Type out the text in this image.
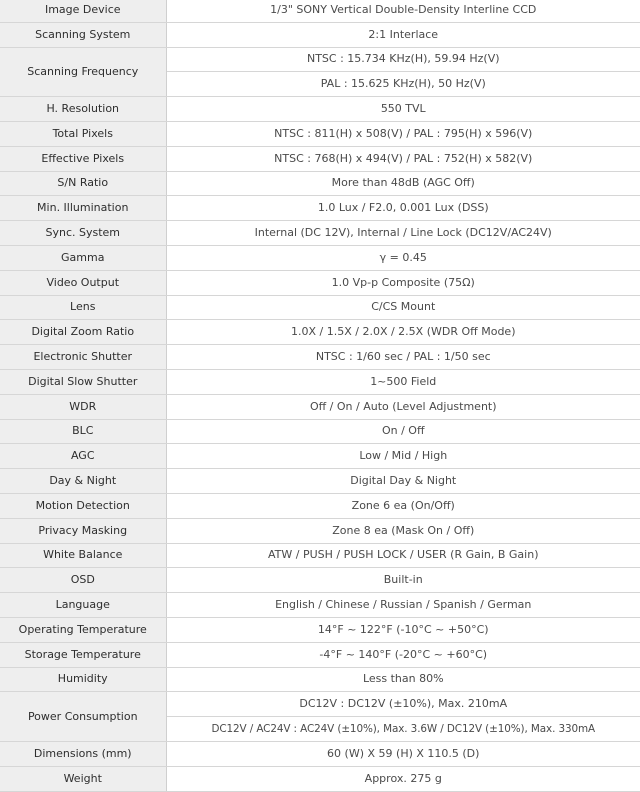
Image Device	1/3" SONY Vertical Double-Density Interline CCD
Scanning System	2:1 Interlace
Scanning Frequency	NTSC : 15.734 KHz(H), 59.94 Hz(V)
	PAL : 15.625 KHz(H), 50 Hz(V)
H. Resolution	550 TVL
Total Pixels	NTSC : 811(H) x 508(V) / PAL : 795(H) x 596(V)
Effective Pixels	NTSC : 768(H) x 494(V) / PAL : 752(H) x 582(V)
S/N Ratio	More than 48dB (AGC Off)
Min. Illumination	1.0 Lux / F2.0, 0.001 Lux (DSS)
Sync. System	Internal (DC 12V), Internal / Line Lock (DC12V/AC24V)
Gamma	γ = 0.45
Video Output	1.0 Vp-p Composite (75Ω)
Lens	C/CS Mount
Digital Zoom Ratio	1.0X / 1.5X / 2.0X / 2.5X (WDR Off Mode)
Electronic Shutter	NTSC : 1/60 sec / PAL : 1/50 sec
Digital Slow Shutter	1~500 Field
WDR	Off / On / Auto (Level Adjustment)
BLC	On / Off
AGC	Low / Mid / High
Day & Night	Digital Day & Night
Motion Detection	Zone 6 ea (On/Off)
Privacy Masking	Zone 8 ea (Mask On / Off)
White Balance	ATW / PUSH / PUSH LOCK / USER (R Gain, B Gain)
OSD	Built-in
Language	English / Chinese / Russian / Spanish / German
Operating Temperature	14°F ~ 122°F (-10°C ~ +50°C)
Storage Temperature	-4°F ~ 140°F (-20°C ~ +60°C)
Humidity	Less than 80%
Power Consumption	DC12V : DC12V (±10%), Max. 210mA
	DC12V / AC24V : AC24V (±10%), Max. 3.6W / DC12V (±10%), Max. 330mA
Dimensions (mm)	60 (W) X 59 (H) X 110.5 (D)
Weight	Approx. 275 g
